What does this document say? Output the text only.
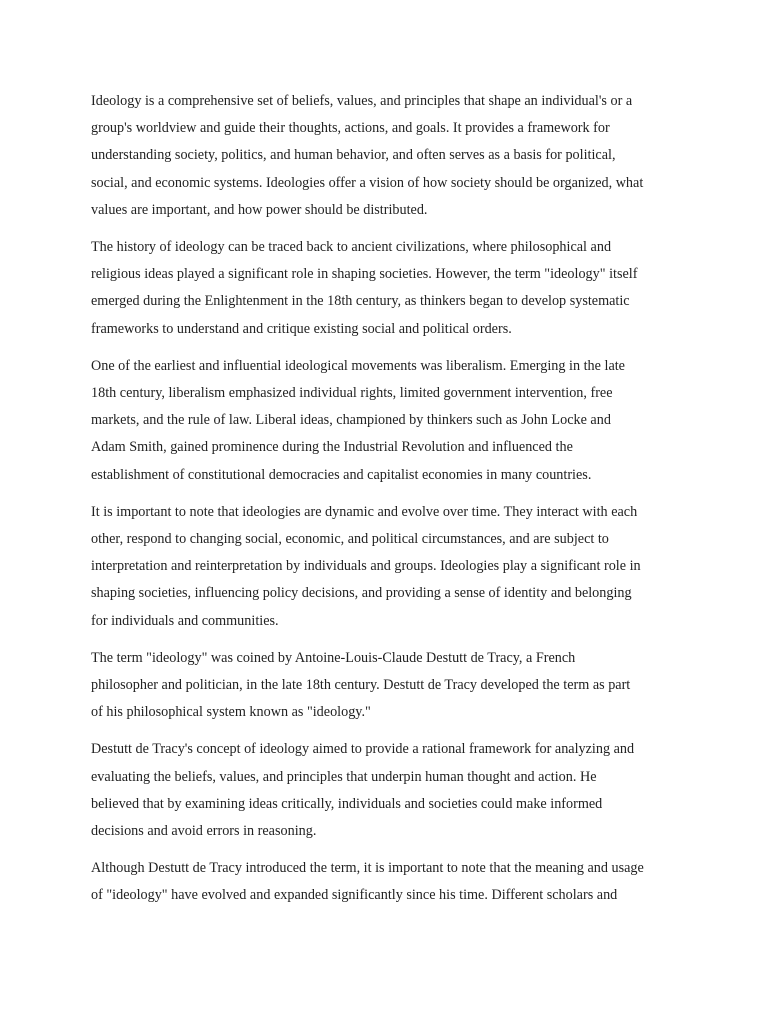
Ideology is a comprehensive set of beliefs, values, and principles that shape an individual's or a
group's worldview and guide their thoughts, actions, and goals. It provides a framework for
understanding society, politics, and human behavior, and often serves as a basis for political,
social, and economic systems. Ideologies offer a vision of how society should be organized, what
values are important, and how power should be distributed.

The history of ideology can be traced back to ancient civilizations, where philosophical and
religious ideas played a significant role in shaping societies. However, the term "ideology" itself
emerged during the Enlightenment in the 18th century, as thinkers began to develop systematic
frameworks to understand and critique existing social and political orders.

One of the earliest and influential ideological movements was liberalism. Emerging in the late
18th century, liberalism emphasized individual rights, limited government intervention, free
markets, and the rule of law. Liberal ideas, championed by thinkers such as John Locke and
Adam Smith, gained prominence during the Industrial Revolution and influenced the
establishment of constitutional democracies and capitalist economies in many countries.

It is important to note that ideologies are dynamic and evolve over time. They interact with each
other, respond to changing social, economic, and political circumstances, and are subject to
interpretation and reinterpretation by individuals and groups. Ideologies play a significant role in
shaping societies, influencing policy decisions, and providing a sense of identity and belonging
for individuals and communities.

The term "ideology" was coined by Antoine-Louis-Claude Destutt de Tracy, a French
philosopher and politician, in the late 18th century. Destutt de Tracy developed the term as part
of his philosophical system known as "ideology."

Destutt de Tracy's concept of ideology aimed to provide a rational framework for analyzing and
evaluating the beliefs, values, and principles that underpin human thought and action. He
believed that by examining ideas critically, individuals and societies could make informed
decisions and avoid errors in reasoning.

Although Destutt de Tracy introduced the term, it is important to note that the meaning and usage
of "ideology" have evolved and expanded significantly since his time. Different scholars and
